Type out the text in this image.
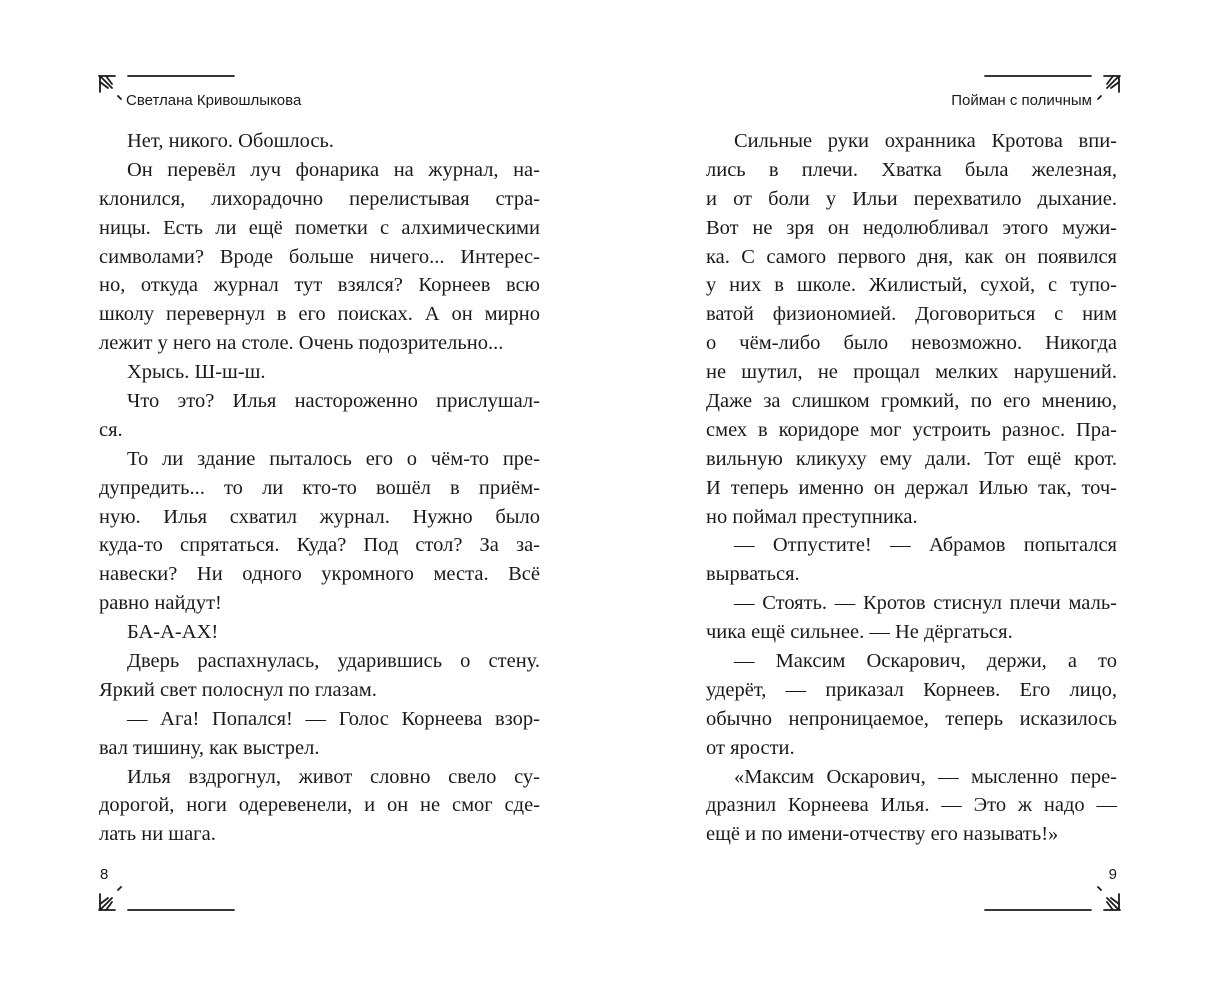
Светлана Кривошлыкова
Нет, никого. Обошлось.
Он перевёл луч фонарика на журнал, на-
клонился, лихорадочно перелистывая стра-
ницы. Есть ли ещё пометки с алхимическими
символами? Вроде больше ничего... Интерес-
но, откуда журнал тут взялся? Корнеев всю
школу перевернул в его поисках. А он мирно
лежит у него на столе. Очень подозрительно...
Хрысь. Ш-ш-ш.
Что это? Илья настороженно прислушал-
ся.
То ли здание пыталось его о чём-то пре-
дупредить... то ли кто-то вошёл в приём-
ную. Илья схватил журнал. Нужно было
куда-то спрятаться. Куда? Под стол? За за-
навески? Ни одного укромного места. Всё
равно найдут!
БА-А-АХ!
Дверь распахнулась, ударившись о стену.
Яркий свет полоснул по глазам.
— Ага! Попался! — Голос Корнеева взор-
вал тишину, как выстрел.
Илья вздрогнул, живот словно свело су-
дорогой, ноги одеревенели, и он не смог сде-
лать ни шага.
8
Пойман с поличным
Сильные руки охранника Кротова впи-
лись в плечи. Хватка была железная,
и от боли у Ильи перехватило дыхание.
Вот не зря он недолюбливал этого мужи-
ка. С самого первого дня, как он появился
у них в школе. Жилистый, сухой, с тупо-
ватой физиономией. Договориться с ним
о чём-либо было невозможно. Никогда
не шутил, не прощал мелких нарушений.
Даже за слишком громкий, по его мнению,
смех в коридоре мог устроить разнос. Пра-
вильную кликуху ему дали. Тот ещё крот.
И теперь именно он держал Илью так, точ-
но поймал преступника.
— Отпустите! — Абрамов попытался
вырваться.
— Стоять. — Кротов стиснул плечи маль-
чика ещё сильнее. — Не дёргаться.
— Максим Оскарович, держи, а то
удерёт, — приказал Корнеев. Его лицо,
обычно непроницаемое, теперь исказилось
от ярости.
«Максим Оскарович, — мысленно пере-
дразнил Корнеева Илья. — Это ж надо —
ещё и по имени-отчеству его называть!»
9
